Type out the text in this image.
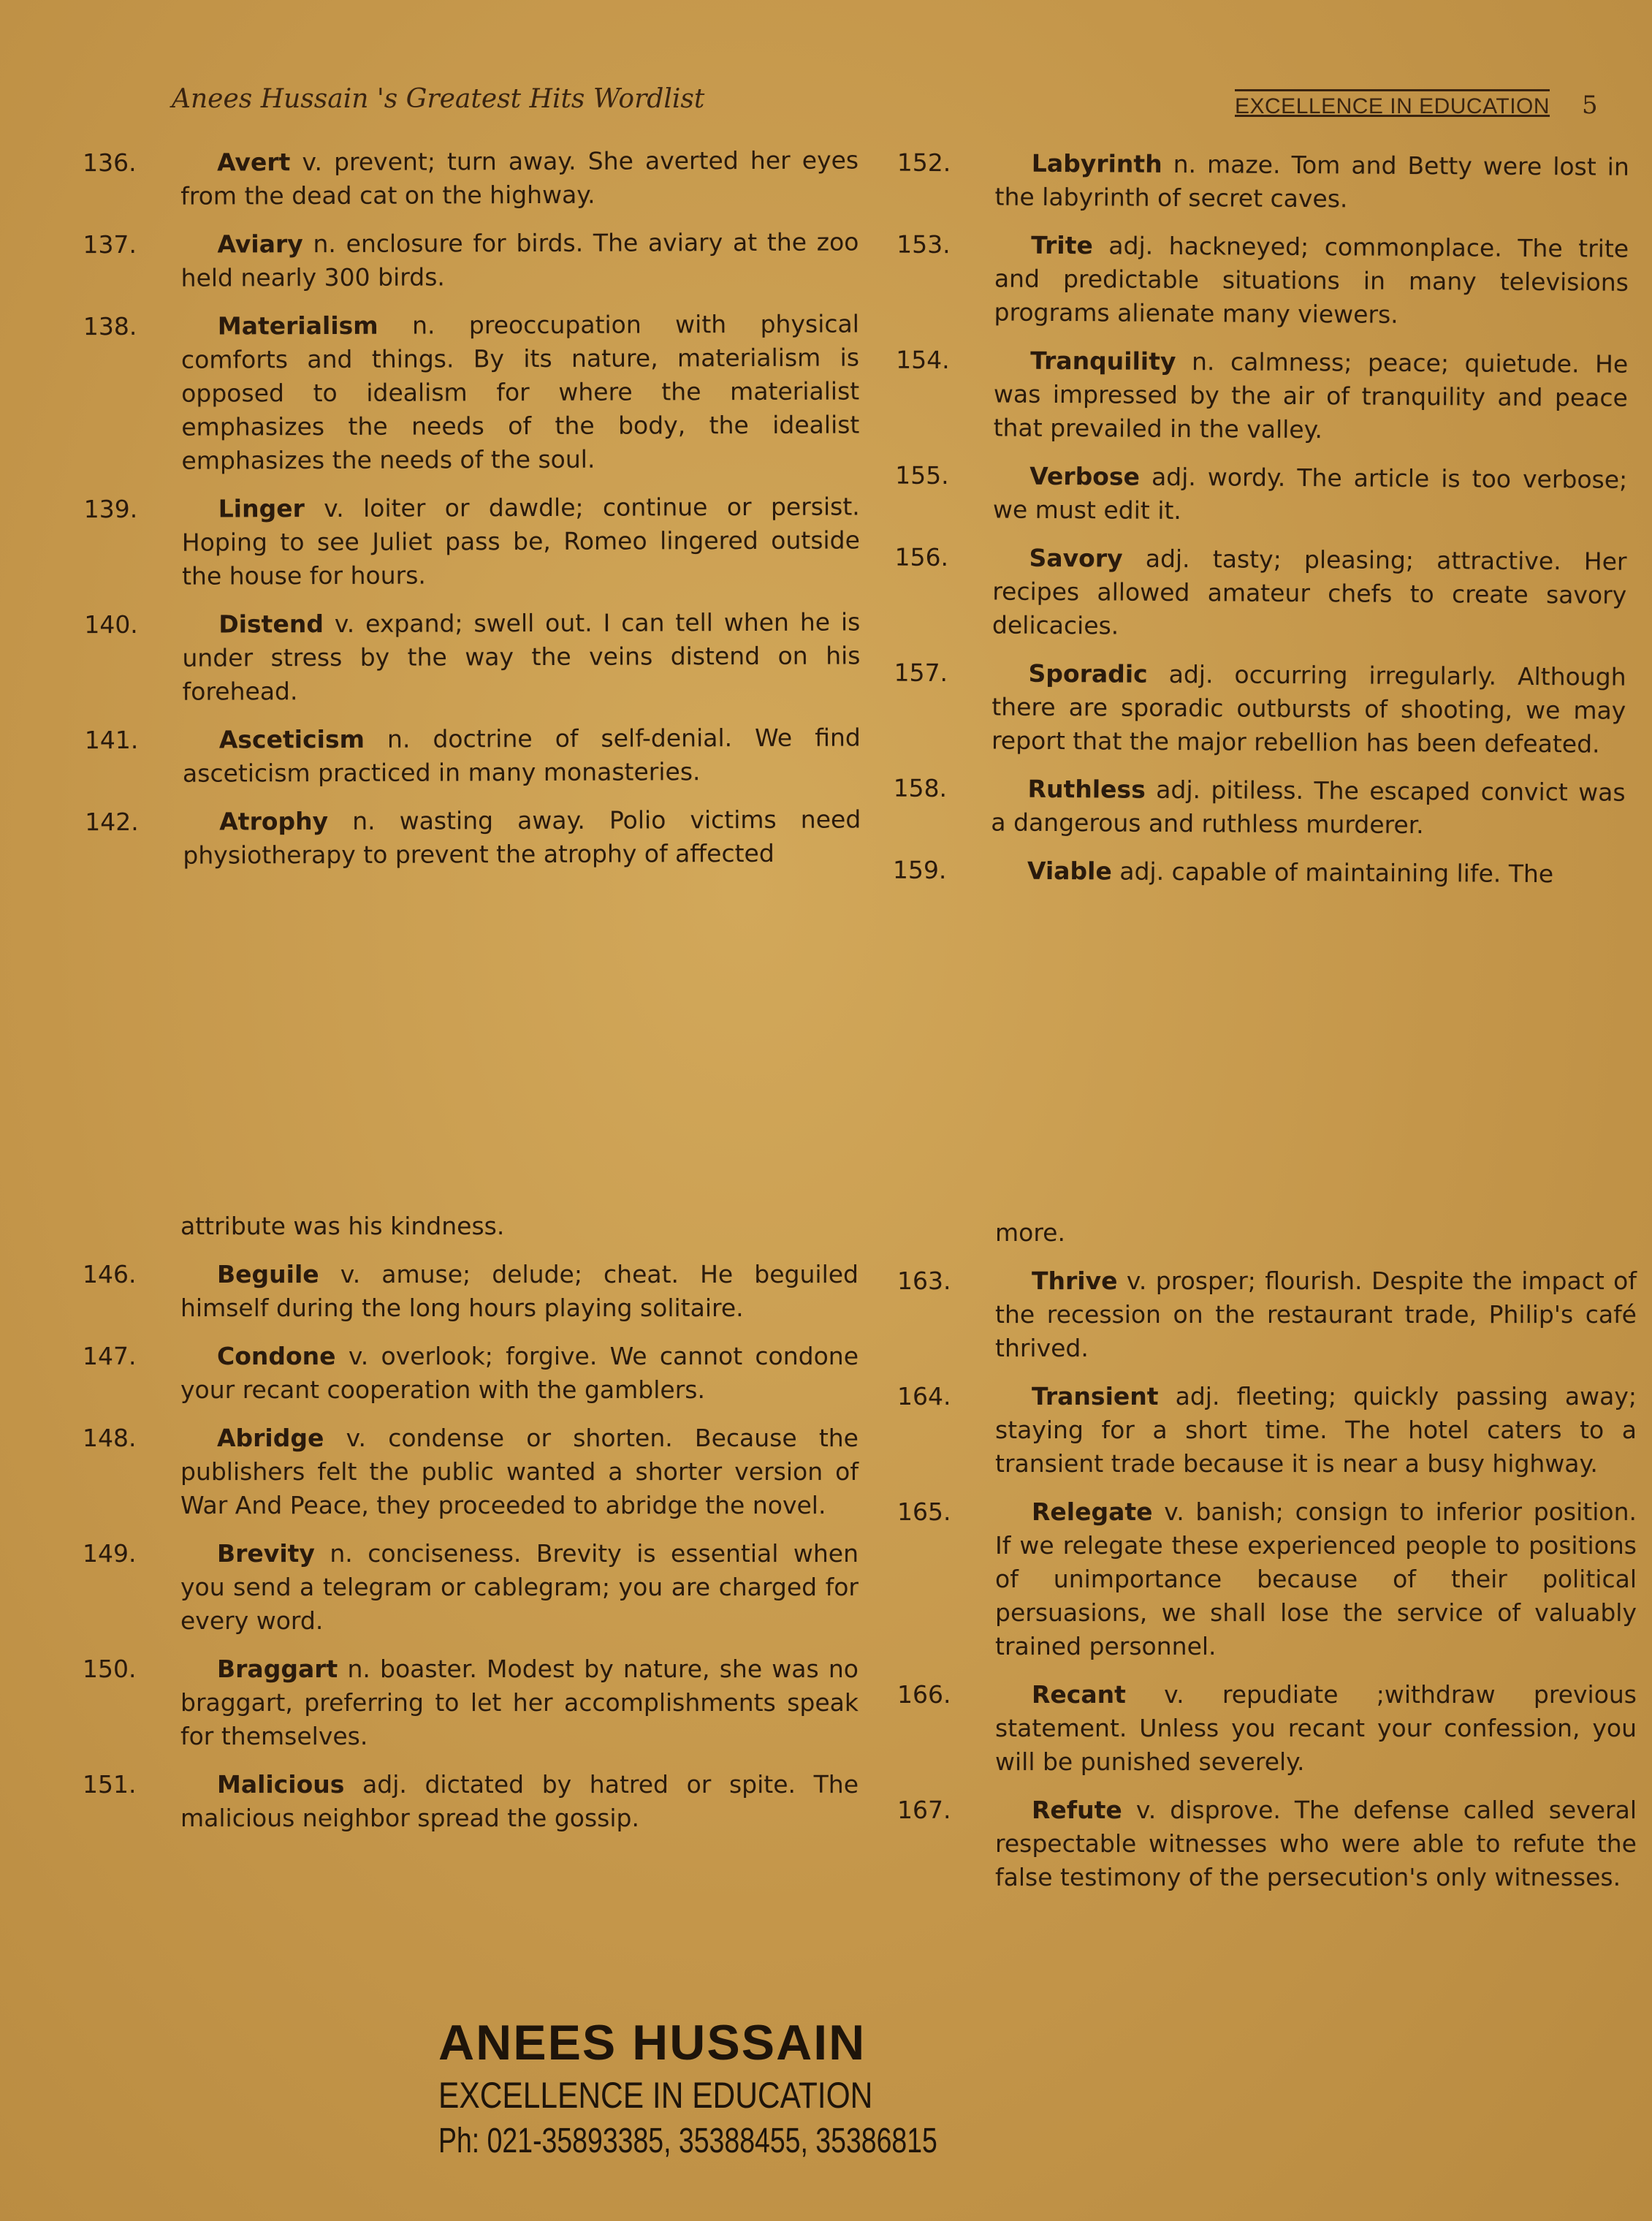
Anees Hussain 's Greatest Hits Wordlist	EXCELLENCE IN EDUCATION 5
136.	Avert v. prevent; turn away. She averted her eyes from the dead cat on the highway.
137.	Aviary n. enclosure for birds. The aviary at the zoo held nearly 300 birds.
138.	Materialism n. preoccupation with physical comforts and things. By its nature, materialism is opposed to idealism for where the materialist emphasizes the needs of the body, the idealist emphasizes the needs of the soul.
139.	Linger v. loiter or dawdle; continue or persist. Hoping to see Juliet pass be, Romeo lingered outside the house for hours.
140.	Distend v. expand; swell out. I can tell when he is under stress by the way the veins distend on his forehead.
141.	Asceticism n. doctrine of self-denial. We find asceticism practiced in many monasteries.
142.	Atrophy n. wasting away. Polio victims need physiotherapy to prevent the atrophy of affected
152.	Labyrinth n. maze. Tom and Betty were lost in the labyrinth of secret caves.
153.	Trite adj. hackneyed; commonplace. The trite and predictable situations in many televisions programs alienate many viewers.
154.	Tranquility n. calmness; peace; quietude. He was impressed by the air of tranquility and peace that prevailed in the valley.
155.	Verbose adj. wordy. The article is too verbose; we must edit it.
156.	Savory adj. tasty; pleasing; attractive. Her recipes allowed amateur chefs to create savory delicacies.
157.	Sporadic adj. occurring irregularly. Although there are sporadic outbursts of shooting, we may report that the major rebellion has been defeated.
158.	Ruthless adj. pitiless. The escaped convict was a dangerous and ruthless murderer.
159.	Viable adj. capable of maintaining life. The
attribute was his kindness.
146.	Beguile v. amuse; delude; cheat. He beguiled himself during the long hours playing solitaire.
147.	Condone v. overlook; forgive. We cannot condone your recant cooperation with the gamblers.
148.	Abridge v. condense or shorten. Because the publishers felt the public wanted a shorter version of War And Peace, they proceeded to abridge the novel.
149.	Brevity n. conciseness. Brevity is essential when you send a telegram or cablegram; you are charged for every word.
150.	Braggart n. boaster. Modest by nature, she was no braggart, preferring to let her accomplishments speak for themselves.
151.	Malicious adj. dictated by hatred or spite. The malicious neighbor spread the gossip.
more.
163.	Thrive v. prosper; flourish. Despite the impact of the recession on the restaurant trade, Philip's café thrived.
164.	Transient adj. fleeting; quickly passing away; staying for a short time. The hotel caters to a transient trade because it is near a busy highway.
165.	Relegate v. banish; consign to inferior position. If we relegate these experienced people to positions of unimportance because of their political persuasions, we shall lose the service of valuably trained personnel.
166.	Recant v. repudiate ;withdraw previous statement. Unless you recant your confession, you will be punished severely.
167.	Refute v. disprove. The defense called several respectable witnesses who were able to refute the false testimony of the persecution's only witnesses.
ANEES HUSSAIN
EXCELLENCE IN EDUCATION
Ph: 021-35893385, 35388455, 35386815
